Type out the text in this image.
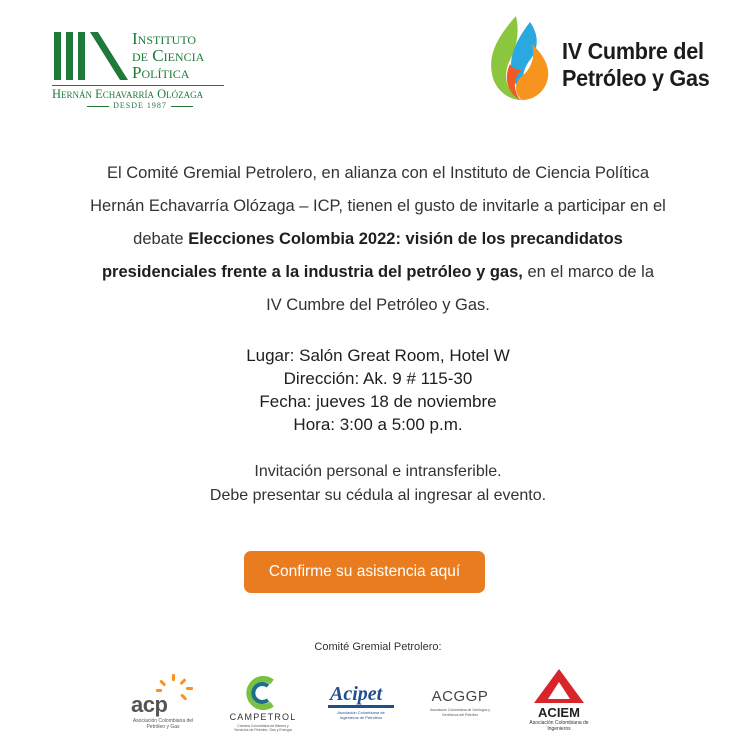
Instituto
de Ciencia
Política
Hernán Echavarría Olózaga
DESDE 1987
IV Cumbre del
Petróleo y Gas
El Comité Gremial Petrolero, en alianza con el Instituto de Ciencia Política
Hernán Echavarría Olózaga – ICP, tienen el gusto de invitarle a participar en el
debate Elecciones Colombia 2022: visión de los precandidatos
presidenciales frente a la industria del petróleo y gas, en el marco de la
IV Cumbre del Petróleo y Gas.
Lugar: Salón Great Room, Hotel W
Dirección: Ak. 9 # 115-30
Fecha: jueves 18 de noviembre
Hora: 3:00 a 5:00 p.m.
Invitación personal e intransferible.
Debe presentar su cédula al ingresar al evento.
Confirme su asistencia aquí
Comité Gremial Petrolero:
acp
Asociación Colombiana del Petróleo y Gas
CAMPETROL
Cámara Colombiana de Bienes y Servicios de Petróleo, Gas y Energía
Acipet
Asociación Colombiana de Ingenieros de Petróleos
ACGGP
Asociación Colombiana de Geólogos y Geofísicos del Petróleo	ACIEM
Asociación Colombiana de Ingenieros
